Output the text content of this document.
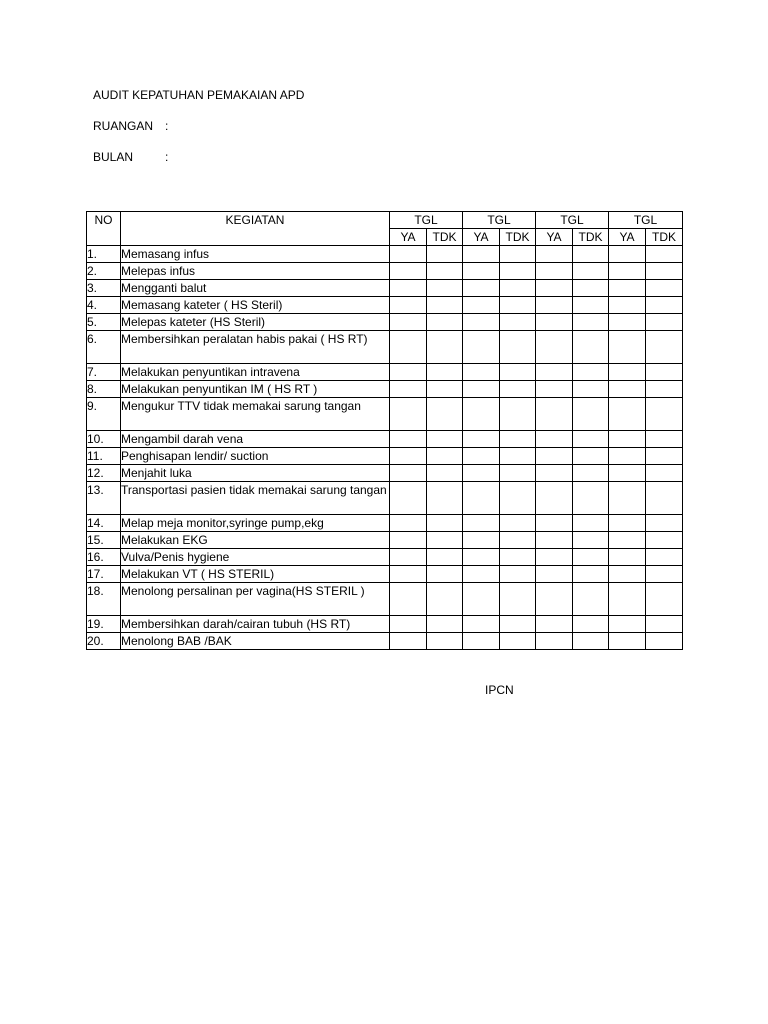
AUDIT KEPATUHAN PEMAKAIAN APD
RUANGAN :
BULAN	:
NO	KEGIATAN	TGL		TGL		TGL		TGL	
		YA	TDK	YA	TDK	YA	TDK	YA	TDK
1.	Memasang infus								
2.	Melepas infus								
3.	Mengganti balut								
4.	Memasang kateter ( HS Steril)								
5.	Melepas kateter (HS Steril)								
6.	Membersihkan peralatan habis pakai ( HS RT)								
7.	Melakukan penyuntikan intravena								
8.	Melakukan penyuntikan IM ( HS RT )								
9.	Mengukur TTV tidak memakai sarung tangan								
10.	Mengambil darah vena								
11.	Penghisapan lendir/ suction								
12.	Menjahit luka								
13.	Transportasi pasien tidak memakai sarung tangan								
14.	Melap meja monitor,syringe pump,ekg								
15.	Melakukan EKG								
16.	Vulva/Penis hygiene								
17.	Melakukan VT ( HS STERIL)								
18.	Menolong persalinan per vagina(HS STERIL )								
19.	Membersihkan darah/cairan tubuh (HS RT)								
20.	Menolong BAB /BAK								
IPCN
